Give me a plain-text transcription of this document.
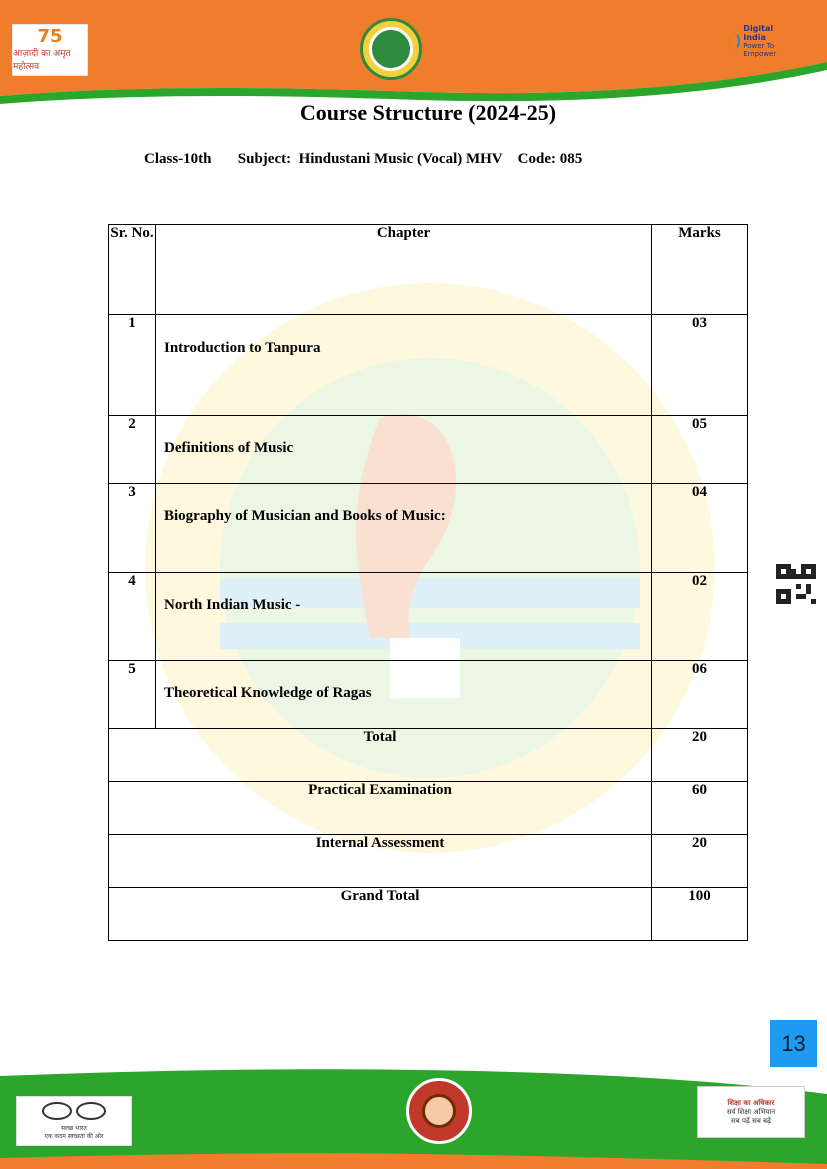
75
आज़ादी का अमृत महोत्सव
Digital India
Power To Empower
Course Structure (2024-25)
Class-10th Subject:  Hindustani Music (Vocal) MHV Code: 085
Sr. No.	Chapter	Marks
1	Introduction to Tanpura	03
2	Definitions of Music	05
3	Biography of Musician and Books of Music:	04
4	North Indian Music -	02
5	Theoretical Knowledge of Ragas	06
Total		20
Practical Examination		60
Internal Assessment		20
Grand Total		100
13
स्वच्छ भारत
एक कदम स्वच्छता की ओर
शिक्षा का अधिकार
सर्व शिक्षा अभियान
सब पढ़ें सब बढ़ें
